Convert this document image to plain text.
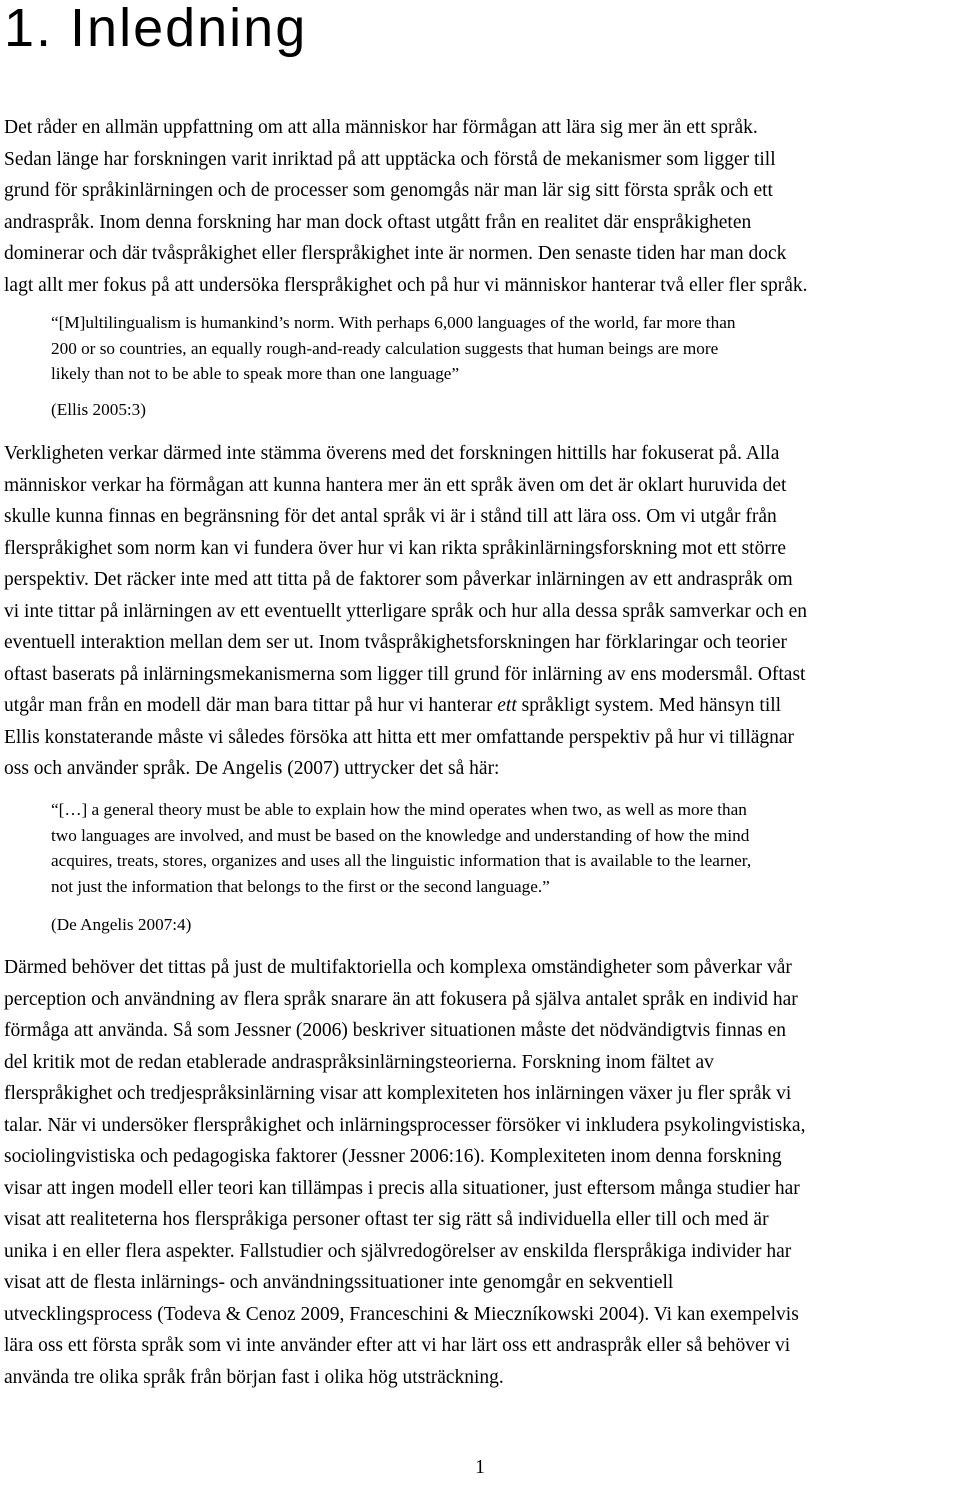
1. Inledning

Det råder en allmän uppfattning om att alla människor har förmågan att lära sig mer än ett språk.
Sedan länge har forskningen varit inriktad på att upptäcka och förstå de mekanismer som ligger till
grund för språkinlärningen och de processer som genomgås när man lär sig sitt första språk och ett
andraspråk. Inom denna forskning har man dock oftast utgått från en realitet där enspråkigheten
dominerar och där tvåspråkighet eller flerspråkighet inte är normen. Den senaste tiden har man dock
lagt allt mer fokus på att undersöka flerspråkighet och på hur vi människor hanterar två eller fler språk.

“[M]ultilingualism is humankind’s norm. With perhaps 6,000 languages of the world, far more than
200 or so countries, an equally rough-and-ready calculation suggests that human beings are more
likely than not to be able to speak more than one language”

(Ellis 2005:3)

Verkligheten verkar därmed inte stämma överens med det forskningen hittills har fokuserat på. Alla
människor verkar ha förmågan att kunna hantera mer än ett språk även om det är oklart huruvida det
skulle kunna finnas en begränsning för det antal språk vi är i stånd till att lära oss. Om vi utgår från
flerspråkighet som norm kan vi fundera över hur vi kan rikta språkinlärningsforskning mot ett större
perspektiv. Det räcker inte med att titta på de faktorer som påverkar inlärningen av ett andraspråk om
vi inte tittar på inlärningen av ett eventuellt ytterligare språk och hur alla dessa språk samverkar och en
eventuell interaktion mellan dem ser ut. Inom tvåspråkighetsforskningen har förklaringar och teorier
oftast baserats på inlärningsmekanismerna som ligger till grund för inlärning av ens modersmål. Oftast
utgår man från en modell där man bara tittar på hur vi hanterar ett språkligt system. Med hänsyn till
Ellis konstaterande måste vi således försöka att hitta ett mer omfattande perspektiv på hur vi tillägnar
oss och använder språk. De Angelis (2007) uttrycker det så här:

“[…] a general theory must be able to explain how the mind operates when two, as well as more than
two languages are involved, and must be based on the knowledge and understanding of how the mind
acquires, treats, stores, organizes and uses all the linguistic information that is available to the learner,
not just the information that belongs to the first or the second language.”

(De Angelis 2007:4)

Därmed behöver det tittas på just de multifaktoriella och komplexa omständigheter som påverkar vår
perception och användning av flera språk snarare än att fokusera på själva antalet språk en individ har
förmåga att använda. Så som Jessner (2006) beskriver situationen måste det nödvändigtvis finnas en
del kritik mot de redan etablerade andraspråksinlärningsteorierna. Forskning inom fältet av
flerspråkighet och tredjespråksinlärning visar att komplexiteten hos inlärningen växer ju fler språk vi
talar. När vi undersöker flerspråkighet och inlärningsprocesser försöker vi inkludera psykolingvistiska,
sociolingvistiska och pedagogiska faktorer (Jessner 2006:16). Komplexiteten inom denna forskning
visar att ingen modell eller teori kan tillämpas i precis alla situationer, just eftersom många studier har
visat att realiteterna hos flerspråkiga personer oftast ter sig rätt så individuella eller till och med är
unika i en eller flera aspekter. Fallstudier och självredogörelser av enskilda flerspråkiga individer har
visat att de flesta inlärnings- och användningssituationer inte genomgår en sekventiell
utvecklingsprocess (Todeva & Cenoz 2009, Franceschini & Mieczníkowski 2004). Vi kan exempelvis
lära oss ett första språk som vi inte använder efter att vi har lärt oss ett andraspråk eller så behöver vi
använda tre olika språk från början fast i olika hög utsträckning.

1
